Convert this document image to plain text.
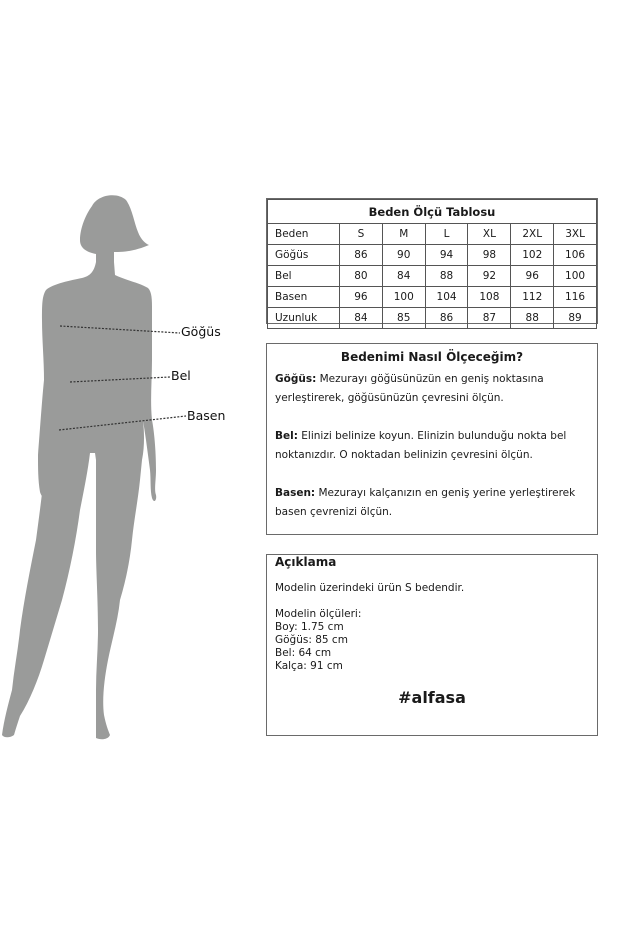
Göğüs
Bel
Basen
Beden Ölçü Tablosu						
Beden	S	M	L	XL	2XL	3XL
Göğüs	86	90	94	98	102	106
Bel	80	84	88	92	96	100
Basen	96	100	104	108	112	116
Uzunluk	84	85	86	87	88	89
Bedenimi Nasıl Ölçeceğim?

Göğüs: Mezurayı göğüsünüzün en geniş noktasına yerleştirerek, göğüsünüzün çevresini ölçün.

Bel: Elinizi belinize koyun. Elinizin bulunduğu nokta bel noktanızdır. O noktadan belinizin çevresini ölçün.

Basen: Mezurayı kalçanızın en geniş yerine yerleştirerek basen çevrenizi ölçün.

Açıklama
Modelin üzerindeki ürün S bedendir.
Modelin ölçüleri:
Boy: 1.75 cm
Göğüs: 85 cm
Bel: 64 cm
Kalça: 91 cm
#alfasa
